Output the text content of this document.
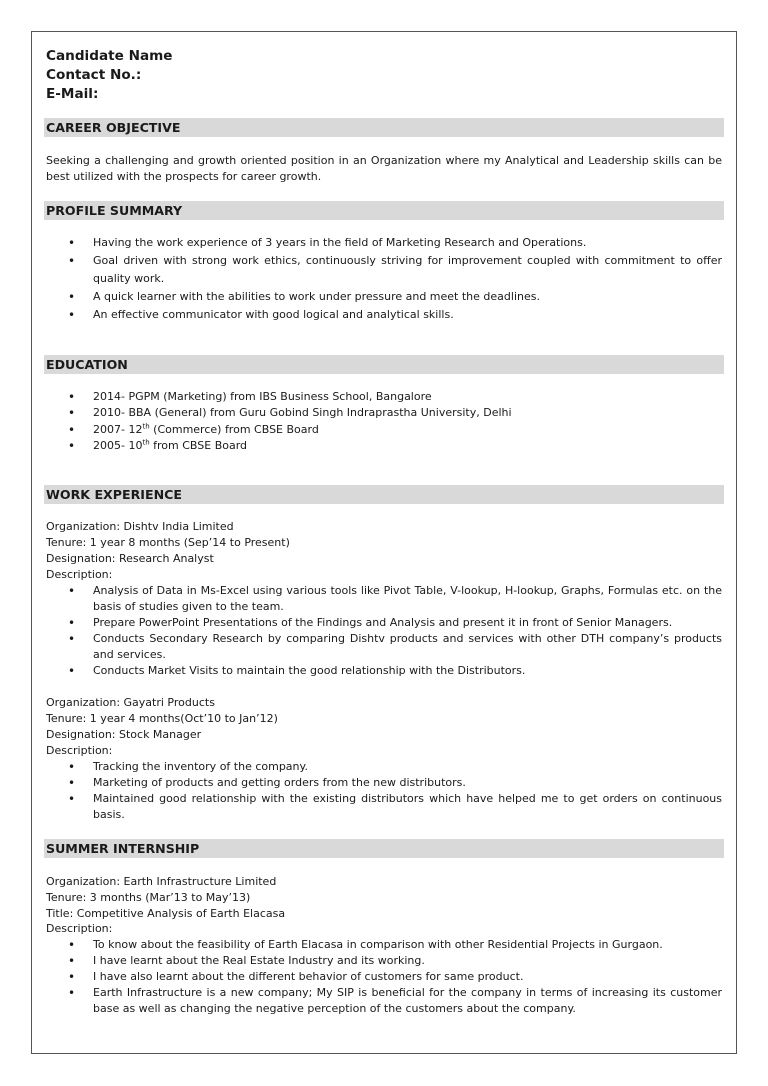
Candidate Name
Contact No.:
E-Mail:
CAREER OBJECTIVE
Seeking a challenging and growth oriented position in an Organization where my Analytical and Leadership skills can be best utilized with the prospects for career growth.
PROFILE SUMMARY
• Having the work experience of 3 years in the field of Marketing Research and Operations.
• Goal driven with strong work ethics, continuously striving for improvement coupled with commitment to offer quality work.
• A quick learner with the abilities to work under pressure and meet the deadlines.
• An effective communicator with good logical and analytical skills.
EDUCATION
• 2014- PGPM (Marketing) from IBS Business School, Bangalore
• 2010- BBA (General) from Guru Gobind Singh Indraprastha University, Delhi
• 2007- 12th (Commerce) from CBSE Board
• 2005- 10th from CBSE Board
WORK EXPERIENCE
Organization: Dishtv India Limited
Tenure: 1 year 8 months (Sep’14 to Present)
Designation: Research Analyst
Description:
• Analysis of Data in Ms-Excel using various tools like Pivot Table, V-lookup, H-lookup, Graphs, Formulas etc. on the basis of studies given to the team.
• Prepare PowerPoint Presentations of the Findings and Analysis and present it in front of Senior Managers.
• Conducts Secondary Research by comparing Dishtv products and services with other DTH company’s products and services.
• Conducts Market Visits to maintain the good relationship with the Distributors.
Organization: Gayatri Products
Tenure: 1 year 4 months(Oct’10 to Jan’12)
Designation: Stock Manager
Description:
• Tracking the inventory of the company.
• Marketing of products and getting orders from the new distributors.
• Maintained good relationship with the existing distributors which have helped me to get orders on continuous basis.
SUMMER INTERNSHIP
Organization: Earth Infrastructure Limited
Tenure: 3 months (Mar’13 to May’13)
Title: Competitive Analysis of Earth Elacasa
Description:
• To know about the feasibility of Earth Elacasa in comparison with other Residential Projects in Gurgaon.
• I have learnt about the Real Estate Industry and its working.
• I have also learnt about the different behavior of customers for same product.
• Earth Infrastructure is a new company; My SIP is beneficial for the company in terms of increasing its customer base as well as changing the negative perception of the customers about the company.
